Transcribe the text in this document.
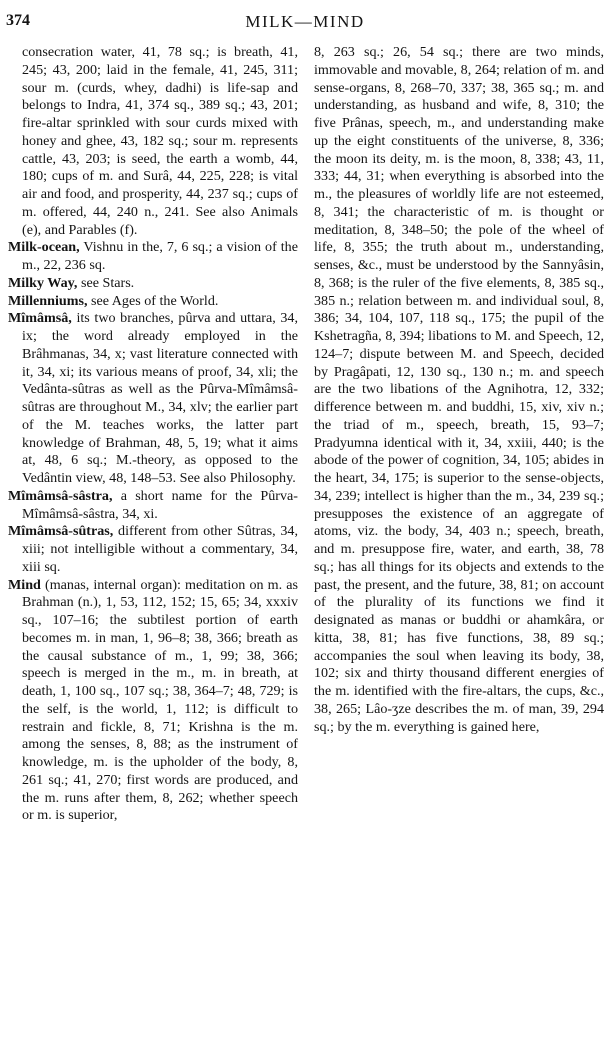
374	MILK—MIND

consecration water, 41, 78 sq.; is breath, 41, 245; 43, 200; laid in the female, 41, 245, 311; sour m. (curds, whey, dadhi) is life-sap and belongs to Indra, 41, 374 sq., 389 sq.; 43, 201; fire-altar sprinkled with sour curds mixed with honey and ghee, 43, 182 sq.; sour m. represents cattle, 43, 203; is seed, the earth a womb, 44, 180; cups of m. and Surâ, 44, 225, 228; is vital air and food, and prosperity, 44, 237 sq.; cups of m. offered, 44, 240 n., 241. See also Animals (e), and Parables (f).

Milk-ocean, Vishnu in the, 7, 6 sq.; a vision of the m., 22, 236 sq.

Milky Way, see Stars.

Millenniums, see Ages of the World.

Mîmâmsâ, its two branches, pûrva and uttara, 34, ix; the word already employed in the Brâhmanas, 34, x; vast literature connected with it, 34, xi; its various means of proof, 34, xli; the Vedânta-sûtras as well as the Pûrva-Mîmâmsâ-sûtras are throughout M., 34, xlv; the earlier part of the M. teaches works, the latter part knowledge of Brahman, 48, 5, 19; what it aims at, 48, 6 sq.; M.-theory, as opposed to the Vedântin view, 48, 148–53. See also Philosophy.

Mîmâmsâ-sâstra, a short name for the Pûrva-Mîmâmsâ-sâstra, 34, xi.

Mîmâmsâ-sûtras, different from other Sûtras, 34, xiii; not intelligible without a commentary, 34, xiii sq.

Mind (manas, internal organ): meditation on m. as Brahman (n.), 1, 53, 112, 152; 15, 65; 34, xxxiv sq., 107–16; the subtilest portion of earth becomes m. in man, 1, 96–8; 38, 366; breath as the causal substance of m., 1, 99; 38, 366; speech is merged in the m., m. in breath, at death, 1, 100 sq., 107 sq.; 38, 364–7; 48, 729; is the self, is the world, 1, 112; is difficult to restrain and fickle, 8, 71; Krishna is the m. among the senses, 8, 88; as the instrument of knowledge, m. is the upholder of the body, 8, 261 sq.; 41, 270; first words are produced, and the m. runs after them, 8, 262; whether speech or m. is superior,

8, 263 sq.; 26, 54 sq.; there are two minds, immovable and movable, 8, 264; relation of m. and sense-organs, 8, 268–70, 337; 38, 365 sq.; m. and understanding, as husband and wife, 8, 310; the five Prânas, speech, m., and understanding make up the eight constituents of the universe, 8, 336; the moon its deity, m. is the moon, 8, 338; 43, 11, 333; 44, 31; when everything is absorbed into the m., the pleasures of worldly life are not esteemed, 8, 341; the characteristic of m. is thought or meditation, 8, 348–50; the pole of the wheel of life, 8, 355; the truth about m., understanding, senses, &c., must be understood by the Sannyâsin, 8, 368; is the ruler of the five elements, 8, 385 sq., 385 n.; relation between m. and individual soul, 8, 386; 34, 104, 107, 118 sq., 175; the pupil of the Kshetragña, 8, 394; libations to M. and Speech, 12, 124–7; dispute between M. and Speech, decided by Pragâpati, 12, 130 sq., 130 n.; m. and speech are the two libations of the Agnihotra, 12, 332; difference between m. and buddhi, 15, xiv, xiv n.; the triad of m., speech, breath, 15, 93–7; Pradyumna identical with it, 34, xxiii, 440; is the abode of the power of cognition, 34, 105; abides in the heart, 34, 175; is superior to the sense-objects, 34, 239; intellect is higher than the m., 34, 239 sq.; presupposes the existence of an aggregate of atoms, viz. the body, 34, 403 n.; speech, breath, and m. presuppose fire, water, and earth, 38, 78 sq.; has all things for its objects and extends to the past, the present, and the future, 38, 81; on account of the plurality of its functions we find it designated as manas or buddhi or ahamkâra, or kitta, 38, 81; has five functions, 38, 89 sq.; accompanies the soul when leaving its body, 38, 102; six and thirty thousand different energies of the m. identified with the fire-altars, the cups, &c., 38, 265; Lâo-ʒze describes the m. of man, 39, 294 sq.; by the m. everything is gained here,
